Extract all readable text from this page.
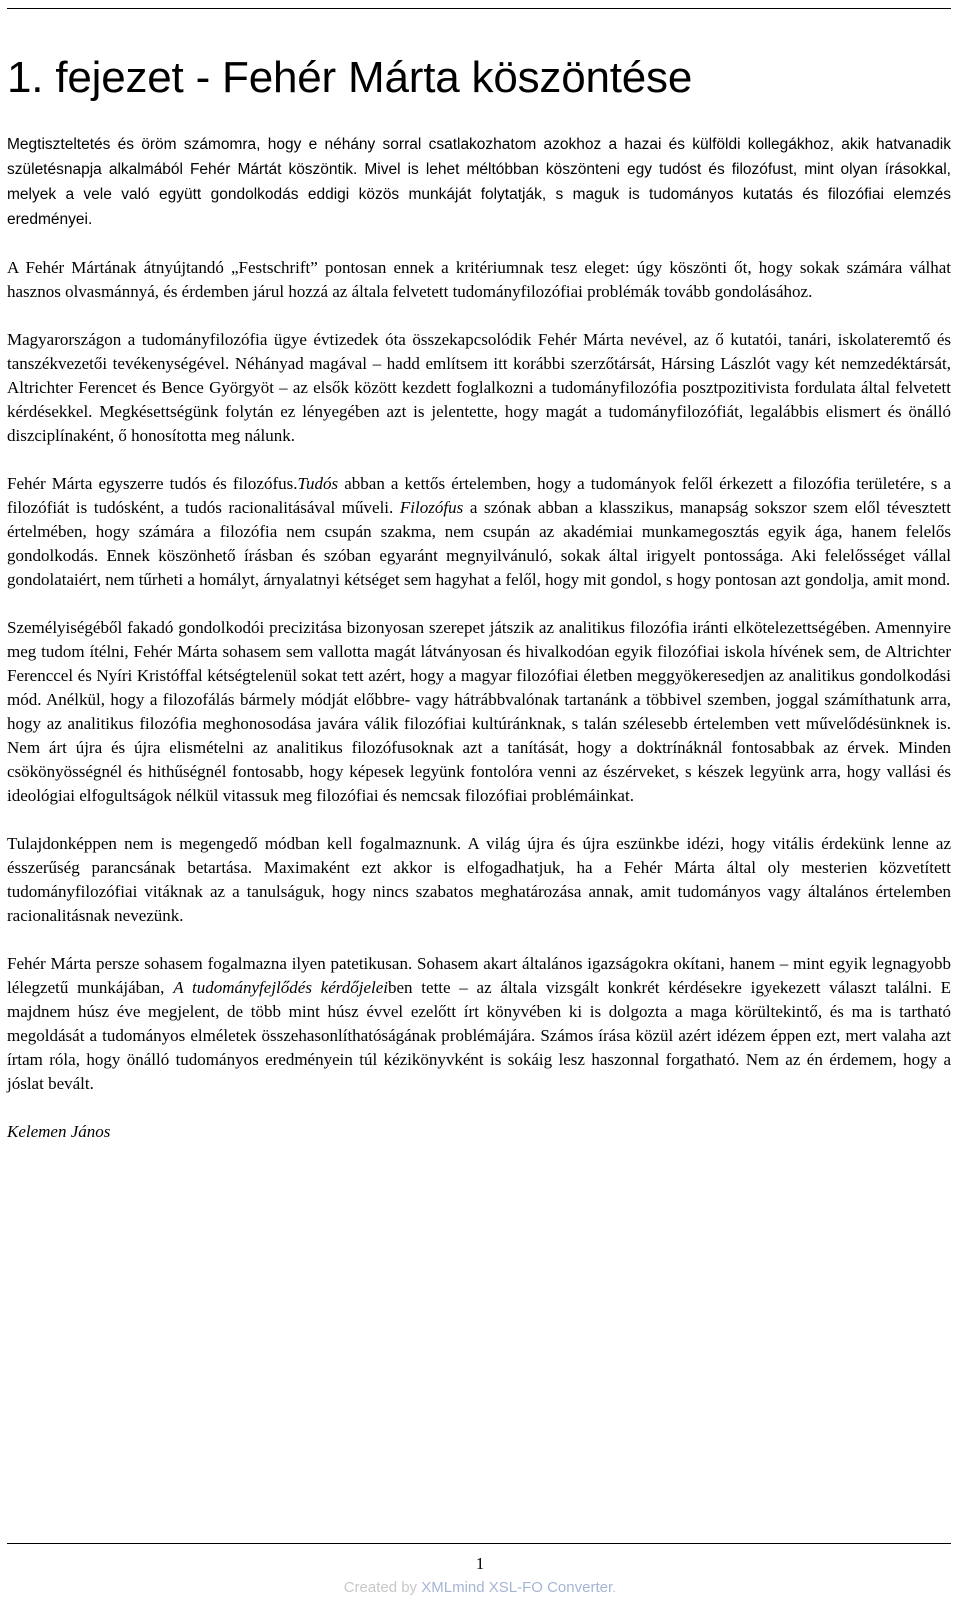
1. fejezet - Fehér Márta köszöntése

Megtiszteltetés és öröm számomra, hogy e néhány sorral csatlakozhatom azokhoz a hazai és külföldi kollegákhoz, akik hatvanadik születésnapja alkalmából Fehér Mártát köszöntik. Mivel is lehet méltóbban köszönteni egy tudóst és filozófust, mint olyan írásokkal, melyek a vele való együtt gondolkodás eddigi közös munkáját folytatják, s maguk is tudományos kutatás és filozófiai elemzés eredményei.

A Fehér Mártának átnyújtandó „Festschrift” pontosan ennek a kritériumnak tesz eleget: úgy köszönti őt, hogy sokak számára válhat hasznos olvasmánnyá, és érdemben járul hozzá az általa felvetett tudományfilozófiai problémák tovább gondolásához.

Magyarországon a tudományfilozófia ügye évtizedek óta összekapcsolódik Fehér Márta nevével, az ő kutatói, tanári, iskolateremtő és tanszékvezetői tevékenységével. Néhányad magával – hadd említsem itt korábbi szerzőtársát, Hársing Lászlót vagy két nemzedéktársát, Altrichter Ferencet és Bence Györgyöt – az elsők között kezdett foglalkozni a tudományfilozófia posztpozitivista fordulata által felvetett kérdésekkel. Megkésettségünk folytán ez lényegében azt is jelentette, hogy magát a tudományfilozófiát, legalábbis elismert és önálló diszciplínaként, ő honosította meg nálunk.

Fehér Márta egyszerre tudós és filozófus.Tudós abban a kettős értelemben, hogy a tudományok felől érkezett a filozófia területére, s a filozófiát is tudósként, a tudós racionalitásával műveli. Filozófus a szónak abban a klasszikus, manapság sokszor szem elől tévesztett értelmében, hogy számára a filozófia nem csupán szakma, nem csupán az akadémiai munkamegosztás egyik ága, hanem felelős gondolkodás. Ennek köszönhető írásban és szóban egyaránt megnyilvánuló, sokak által irigyelt pontossága. Aki felelősséget vállal gondolataiért, nem tűrheti a homályt, árnyalatnyi kétséget sem hagyhat a felől, hogy mit gondol, s hogy pontosan azt gondolja, amit mond.

Személyiségéből fakadó gondolkodói precizitása bizonyosan szerepet játszik az analitikus filozófia iránti elkötelezettségében. Amennyire meg tudom ítélni, Fehér Márta sohasem sem vallotta magát látványosan és hivalkodóan egyik filozófiai iskola hívének sem, de Altrichter Ferenccel és Nyíri Kristóffal kétségtelenül sokat tett azért, hogy a magyar filozófiai életben meggyökeresedjen az analitikus gondolkodási mód. Anélkül, hogy a filozofálás bármely módját előbbre- vagy hátrábbvalónak tartanánk a többivel szemben, joggal számíthatunk arra, hogy az analitikus filozófia meghonosodása javára válik filozófiai kultúránknak, s talán szélesebb értelemben vett művelődésünknek is. Nem árt újra és újra elismételni az analitikus filozófusoknak azt a tanítását, hogy a doktrínáknál fontosabbak az érvek. Minden csökönyösségnél és hithűségnél fontosabb, hogy képesek legyünk fontolóra venni az észérveket, s készek legyünk arra, hogy vallási és ideológiai elfogultságok nélkül vitassuk meg filozófiai és nemcsak filozófiai problémáinkat.

Tulajdonképpen nem is megengedő módban kell fogalmaznunk. A világ újra és újra eszünkbe idézi, hogy vitális érdekünk lenne az ésszerűség parancsának betartása. Maximaként ezt akkor is elfogadhatjuk, ha a Fehér Márta által oly mesterien közvetített tudományfilozófiai vitáknak az a tanulságuk, hogy nincs szabatos meghatározása annak, amit tudományos vagy általános értelemben racionalitásnak nevezünk.

Fehér Márta persze sohasem fogalmazna ilyen patetikusan. Sohasem akart általános igazságokra okítani, hanem – mint egyik legnagyobb lélegzetű munkájában, A tudományfejlődés kérdőjeleiben tette – az általa vizsgált konkrét kérdésekre igyekezett választ találni. E majdnem húsz éve megjelent, de több mint húsz évvel ezelőtt írt könyvében ki is dolgozta a maga körültekintő, és ma is tartható megoldását a tudományos elméletek összehasonlíthatóságának problémájára. Számos írása közül azért idézem éppen ezt, mert valaha azt írtam róla, hogy önálló tudományos eredményein túl kézikönyvként is sokáig lesz haszonnal forgatható. Nem az én érdemem, hogy a jóslat bevált.

Kelemen János

1
Created by XMLmind XSL-FO Converter.
